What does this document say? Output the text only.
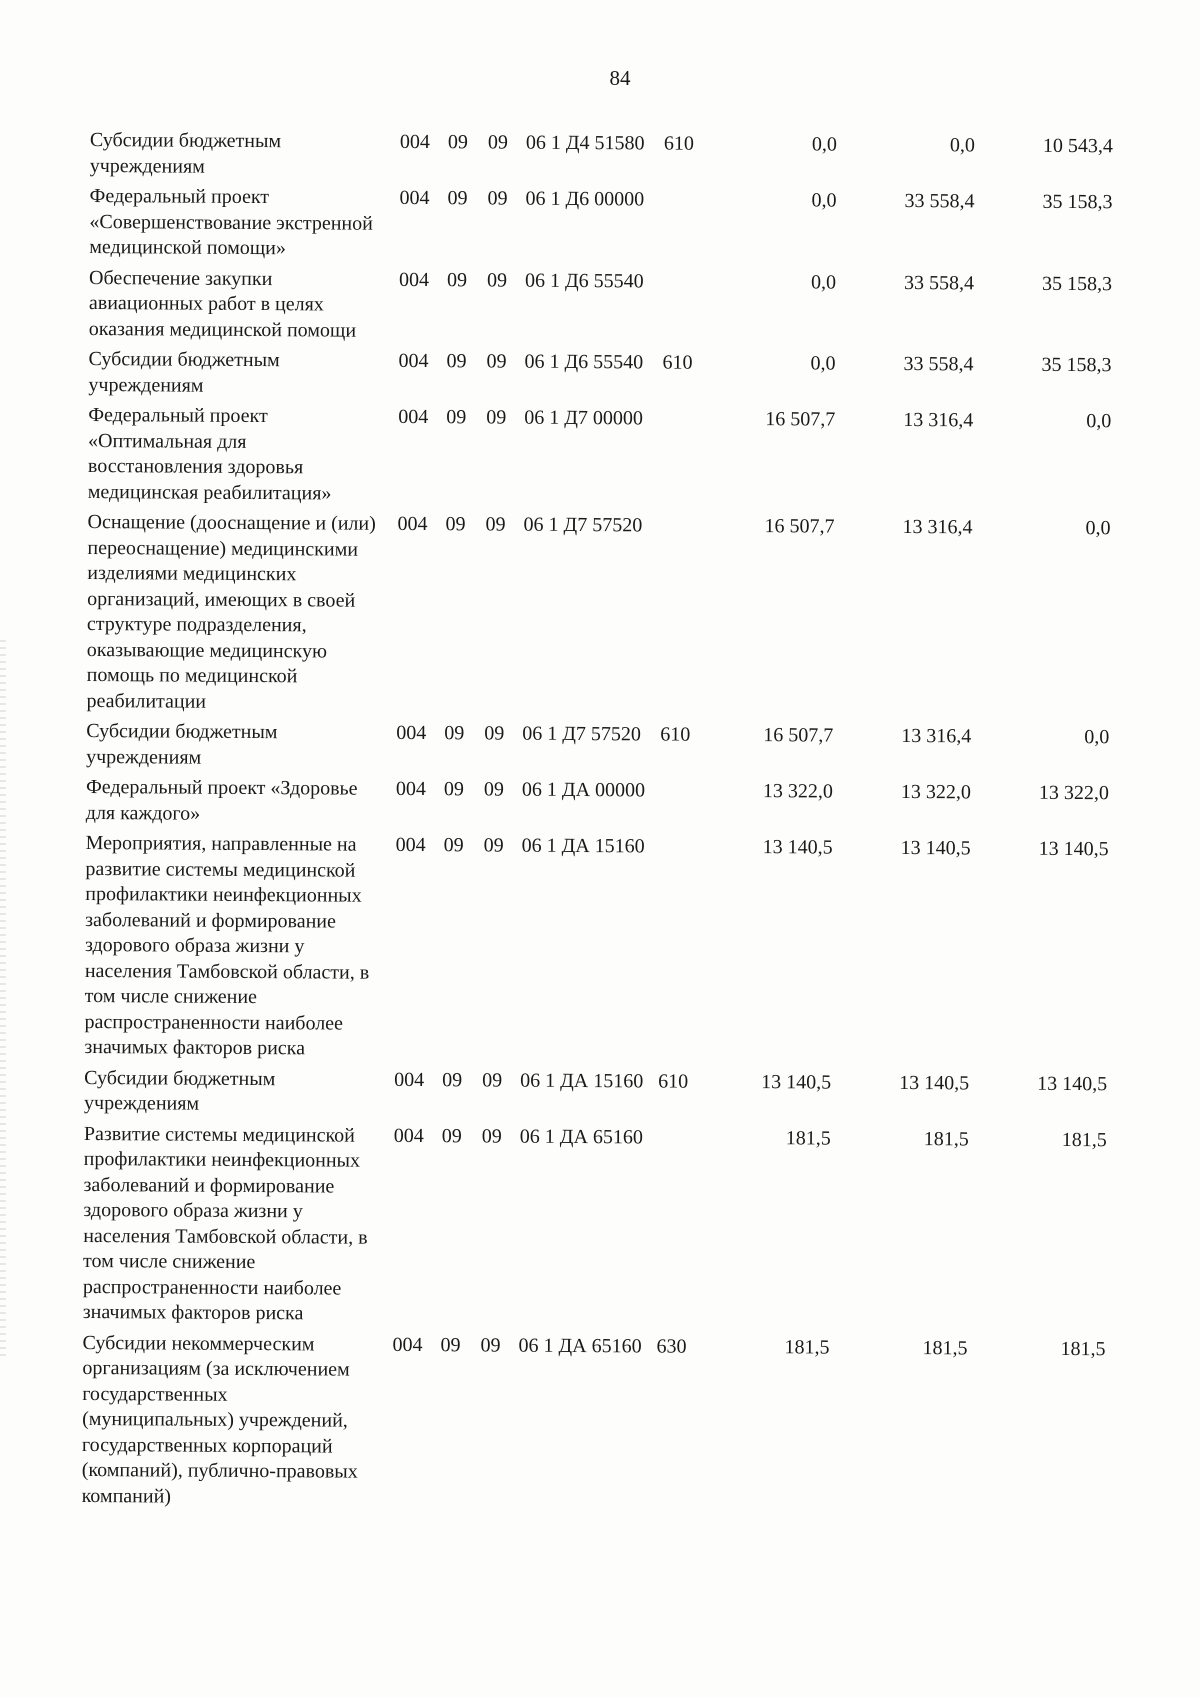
84
Субсидии бюджетным
учреждениям
004 09 09 06 1 Д4 51580 610	0,0	0,0	10 543,4
Федеральный проект
«Совершенствование экстренной
медицинской помощи»
004 09 09 06 1 Д6 00000	0,0	33 558,4	35 158,3
Обеспечение закупки
авиационных работ в целях
оказания медицинской помощи
004 09 09 06 1 Д6 55540	0,0	33 558,4	35 158,3
Субсидии бюджетным
учреждениям
004 09 09 06 1 Д6 55540 610	0,0	33 558,4	35 158,3
Федеральный проект
«Оптимальная для
восстановления здоровья
медицинская реабилитация»
004 09 09 06 1 Д7 00000	16 507,7	13 316,4	0,0
Оснащение (дооснащение и (или)
переоснащение) медицинскими
изделиями медицинских
организаций, имеющих в своей
структуре подразделения,
оказывающие медицинскую
помощь по медицинской
реабилитации
004 09 09 06 1 Д7 57520	16 507,7	13 316,4	0,0
Субсидии бюджетным
учреждениям
004 09 09 06 1 Д7 57520 610	16 507,7	13 316,4	0,0
Федеральный проект «Здоровье
для каждого»
004 09 09 06 1 ДА 00000	13 322,0	13 322,0	13 322,0
Мероприятия, направленные на
развитие системы медицинской
профилактики неинфекционных
заболеваний и формирование
здорового образа жизни у
населения Тамбовской области, в
том числе снижение
распространенности наиболее
значимых факторов риска
004 09 09 06 1 ДА 15160	13 140,5	13 140,5	13 140,5
Субсидии бюджетным
учреждениям
004 09 09 06 1 ДА 15160 610	13 140,5	13 140,5	13 140,5
Развитие системы медицинской
профилактики неинфекционных
заболеваний и формирование
здорового образа жизни у
населения Тамбовской области, в
том числе снижение
распространенности наиболее
значимых факторов риска
004 09 09 06 1 ДА 65160	181,5	181,5	181,5
Субсидии некоммерческим
организациям (за исключением
государственных
(муниципальных) учреждений,
государственных корпораций
(компаний), публично-правовых
компаний)
004 09 09 06 1 ДА 65160 630	181,5	181,5	181,5
